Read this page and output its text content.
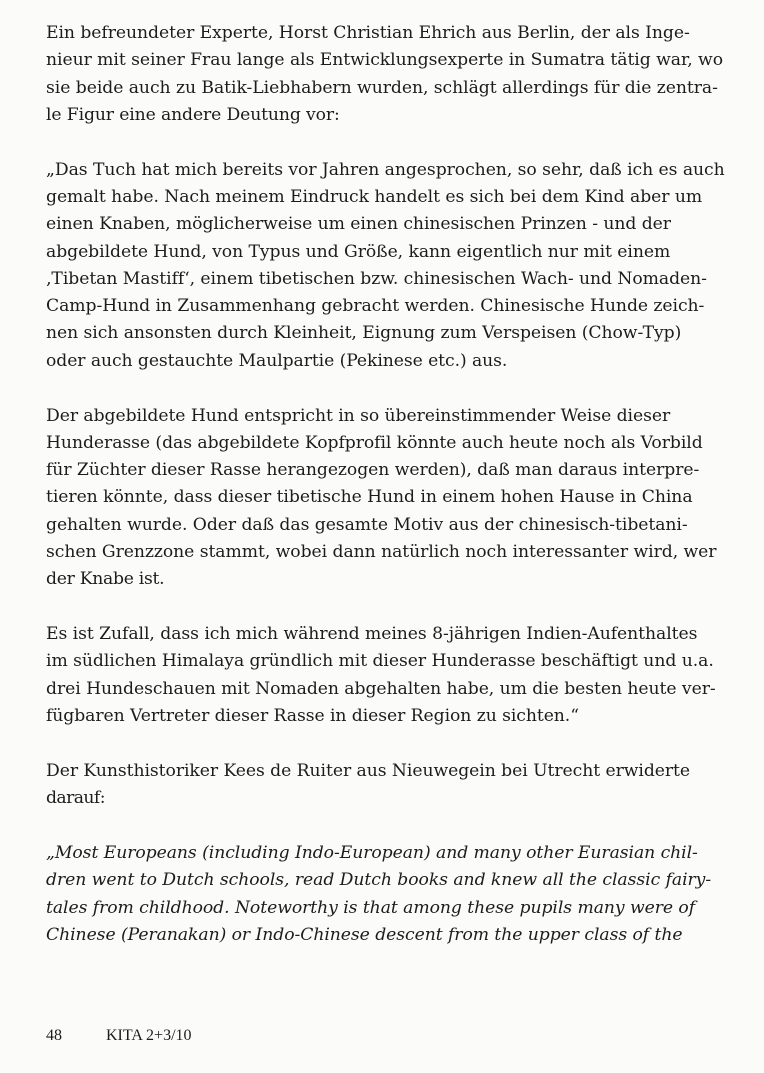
Ein befreundeter Experte, Horst Christian Ehrich aus Berlin, der als Inge-
nieur mit seiner Frau lange als Entwicklungsexperte in Sumatra tätig war, wo
sie beide auch zu Batik-Liebhabern wurden, schlägt allerdings für die zentra-
le Figur eine andere Deutung vor:

„Das Tuch hat mich bereits vor Jahren angesprochen, so sehr, daß ich es auch
gemalt habe. Nach meinem Eindruck handelt es sich bei dem Kind aber um
einen Knaben, möglicherweise um einen chinesischen Prinzen - und der
abgebildete Hund, von Typus und Größe, kann eigentlich nur mit einem
‚Tibetan Mastiff‘, einem tibetischen bzw. chinesischen Wach- und Nomaden-
Camp-Hund in Zusammenhang gebracht werden. Chinesische Hunde zeich-
nen sich ansonsten durch Kleinheit, Eignung zum Verspeisen (Chow-Typ)
oder auch gestauchte Maulpartie (Pekinese etc.) aus.

Der abgebildete Hund entspricht in so übereinstimmender Weise dieser
Hunderasse (das abgebildete Kopfprofil könnte auch heute noch als Vorbild
für Züchter dieser Rasse herangezogen werden), daß man daraus interpre-
tieren könnte, dass dieser tibetische Hund in einem hohen Hause in China
gehalten wurde. Oder daß das gesamte Motiv aus der chinesisch-tibetani-
schen Grenzzone stammt, wobei dann natürlich noch interessanter wird, wer
der Knabe ist.

Es ist Zufall, dass ich mich während meines 8-jährigen Indien-Aufenthaltes
im südlichen Himalaya gründlich mit dieser Hunderasse beschäftigt und u.a.
drei Hundeschauen mit Nomaden abgehalten habe, um die besten heute ver-
fügbaren Vertreter dieser Rasse in dieser Region zu sichten.“

Der Kunsthistoriker Kees de Ruiter aus Nieuwegein bei Utrecht erwiderte
darauf:

„Most Europeans (including Indo-European) and many other Eurasian chil-
dren went to Dutch schools, read Dutch books and knew all the classic fairy-
tales from childhood. Noteworthy is that among these pupils many were of
Chinese (Peranakan) or Indo-Chinese descent from the upper class of the

48	KITA 2+3/10
